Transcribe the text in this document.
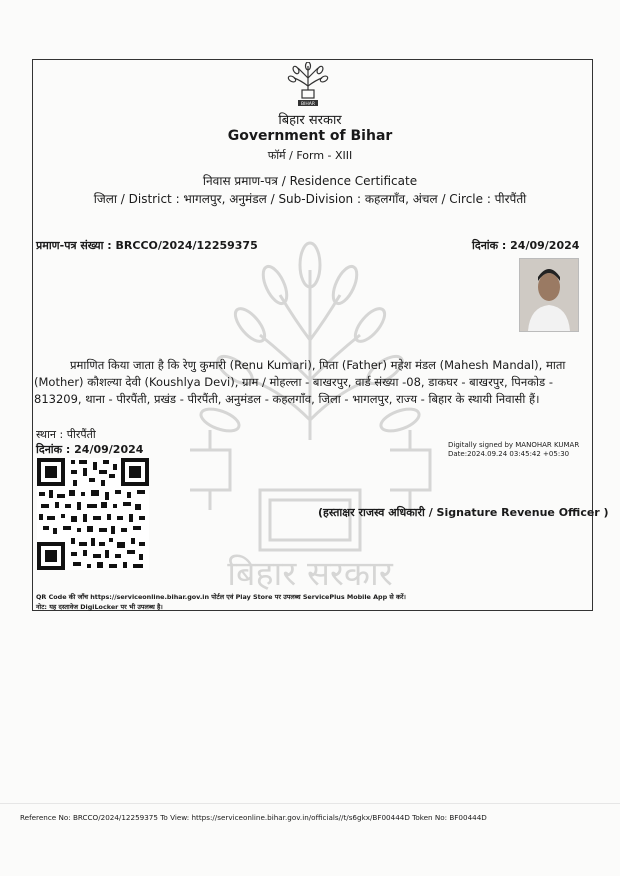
बिहार सरकार
BIHAR
बिहार सरकार
Government of Bihar
फॉर्म / Form - XIII
निवास प्रमाण-पत्र / Residence Certificate
जिला / District : भागलपुर, अनुमंडल / Sub-Division : कहलगाँव, अंचल / Circle : पीरपैंती
प्रमाण-पत्र संख्या : BRCCO/2024/12259375	दिनांक : 24/09/2024
प्रमाणित किया जाता है कि रेणु कुमारी (Renu Kumari), पिता (Father) महेश मंडल (Mahesh Mandal), माता (Mother) कौशल्या देवी (Koushlya Devi), ग्राम / मोहल्ला - बाखरपुर, वार्ड संख्या -08, डाकघर - बाखरपुर, पिनकोड - 813209, थाना - पीरपैंती, प्रखंड - पीरपैंती, अनुमंडल - कहलगाँव, जिला - भागलपुर, राज्य - बिहार के स्थायी निवासी हैं।
स्थान : पीरपैंती
दिनांक : 24/09/2024	Digitally signed by MANOHAR KUMAR
Date:2024.09.24 03:45:42 +05:30
(हस्ताक्षर राजस्व अधिकारी / Signature Revenue Officer )
QR Code की जाँच https://serviceonline.bihar.gov.in पोर्टल एवं Play Store पर उपलब्ध ServicePlus Mobile App से करें।
नोट: यह दस्तावेज DigiLocker पर भी उपलब्ध है।
Reference No: BRCCO/2024/12259375 To View: https://serviceonline.bihar.gov.in/officials//t/s6gkx/BF00444D Token No: BF00444D
